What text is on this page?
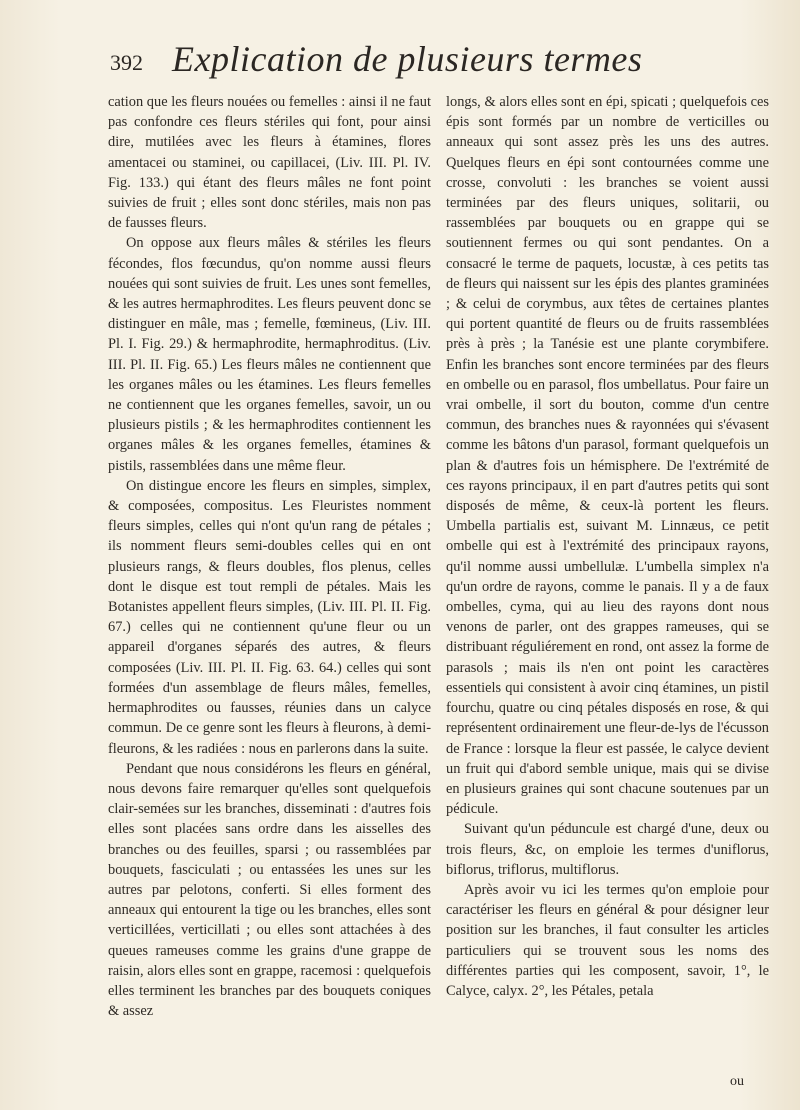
392 Explication de plusieurs termes

cation que les fleurs nouées ou femelles : ainsi il ne faut pas confondre ces fleurs stériles qui font, pour ainsi dire, mutilées avec les fleurs à étamines, flores amentacei ou staminei, ou capillacei, (Liv. III. Pl. IV. Fig. 133.) qui étant des fleurs mâles ne font point suivies de fruit ; elles sont donc stériles, mais non pas de fausses fleurs.

On oppose aux fleurs mâles & stériles les fleurs fécondes, flos fœcundus, qu'on nomme aussi fleurs nouées qui sont suivies de fruit. Les unes sont femelles, & les autres hermaphrodites. Les fleurs peuvent donc se distinguer en mâle, mas ; femelle, fœmineus, (Liv. III. Pl. I. Fig. 29.) & hermaphrodite, hermaphroditus. (Liv. III. Pl. II. Fig. 65.) Les fleurs mâles ne contiennent que les organes mâles ou les étamines. Les fleurs femelles ne contiennent que les organes femelles, savoir, un ou plusieurs pistils ; & les hermaphrodites contiennent les organes mâles & les organes femelles, étamines & pistils, rassemblées dans une même fleur.

On distingue encore les fleurs en simples, simplex, & composées, compositus. Les Fleuristes nomment fleurs simples, celles qui n'ont qu'un rang de pétales ; ils nomment fleurs semi-doubles celles qui en ont plusieurs rangs, & fleurs doubles, flos plenus, celles dont le disque est tout rempli de pétales. Mais les Botanistes appellent fleurs simples, (Liv. III. Pl. II. Fig. 67.) celles qui ne contiennent qu'une fleur ou un appareil d'organes séparés des autres, & fleurs composées (Liv. III. Pl. II. Fig. 63. 64.) celles qui sont formées d'un assemblage de fleurs mâles, femelles, hermaphrodites ou fausses, réunies dans un calyce commun. De ce genre sont les fleurs à fleurons, à demi-fleurons, & les radiées : nous en parlerons dans la suite.

Pendant que nous considérons les fleurs en général, nous devons faire remarquer qu'elles sont quelquefois clair-semées sur les branches, disseminati : d'autres fois elles sont placées sans ordre dans les aisselles des branches ou des feuilles, sparsi ; ou rassemblées par bouquets, fasciculati ; ou entassées les unes sur les autres par pelotons, conferti. Si elles forment des anneaux qui entourent la tige ou les branches, elles sont verticillées, verticillati ; ou elles sont attachées à des queues rameuses comme les grains d'une grappe de raisin, alors elles sont en grappe, racemosi : quelquefois elles terminent les branches par des bouquets coniques & assez

longs, & alors elles sont en épi, spicati ; quelquefois ces épis sont formés par un nombre de verticilles ou anneaux qui sont assez près les uns des autres. Quelques fleurs en épi sont contournées comme une crosse, convoluti : les branches se voient aussi terminées par des fleurs uniques, solitarii, ou rassemblées par bouquets ou en grappe qui se soutiennent fermes ou qui sont pendantes. On a consacré le terme de paquets, locustæ, à ces petits tas de fleurs qui naissent sur les épis des plantes graminées ; & celui de corymbus, aux têtes de certaines plantes qui portent quantité de fleurs ou de fruits rassemblées près à près ; la Tanésie est une plante corymbifere. Enfin les branches sont encore terminées par des fleurs en ombelle ou en parasol, flos umbellatus. Pour faire un vrai ombelle, il sort du bouton, comme d'un centre commun, des branches nues & rayonnées qui s'évasent comme les bâtons d'un parasol, formant quelquefois un plan & d'autres fois un hémisphere. De l'extrémité de ces rayons principaux, il en part d'autres petits qui sont disposés de même, & ceux-là portent les fleurs. Umbella partialis est, suivant M. Linnæus, ce petit ombelle qui est à l'extrémité des principaux rayons, qu'il nomme aussi umbellulæ. L'umbella simplex n'a qu'un ordre de rayons, comme le panais. Il y a de faux ombelles, cyma, qui au lieu des rayons dont nous venons de parler, ont des grappes rameuses, qui se distribuant réguliérement en rond, ont assez la forme de parasols ; mais ils n'en ont point les caractères essentiels qui consistent à avoir cinq étamines, un pistil fourchu, quatre ou cinq pétales disposés en rose, & qui représentent ordinairement une fleur-de-lys de l'écusson de France : lorsque la fleur est passée, le calyce devient un fruit qui d'abord semble unique, mais qui se divise en plusieurs graines qui sont chacune soutenues par un pédicule.

Suivant qu'un péduncule est chargé d'une, deux ou trois fleurs, &c, on emploie les termes d'uniflorus, biflorus, triflorus, multiflorus.

Après avoir vu ici les termes qu'on emploie pour caractériser les fleurs en général & pour désigner leur position sur les branches, il faut consulter les articles particuliers qui se trouvent sous les noms des différentes parties qui les composent, savoir, 1°, le Calyce, calyx. 2°, les Pétales, petala

ou
